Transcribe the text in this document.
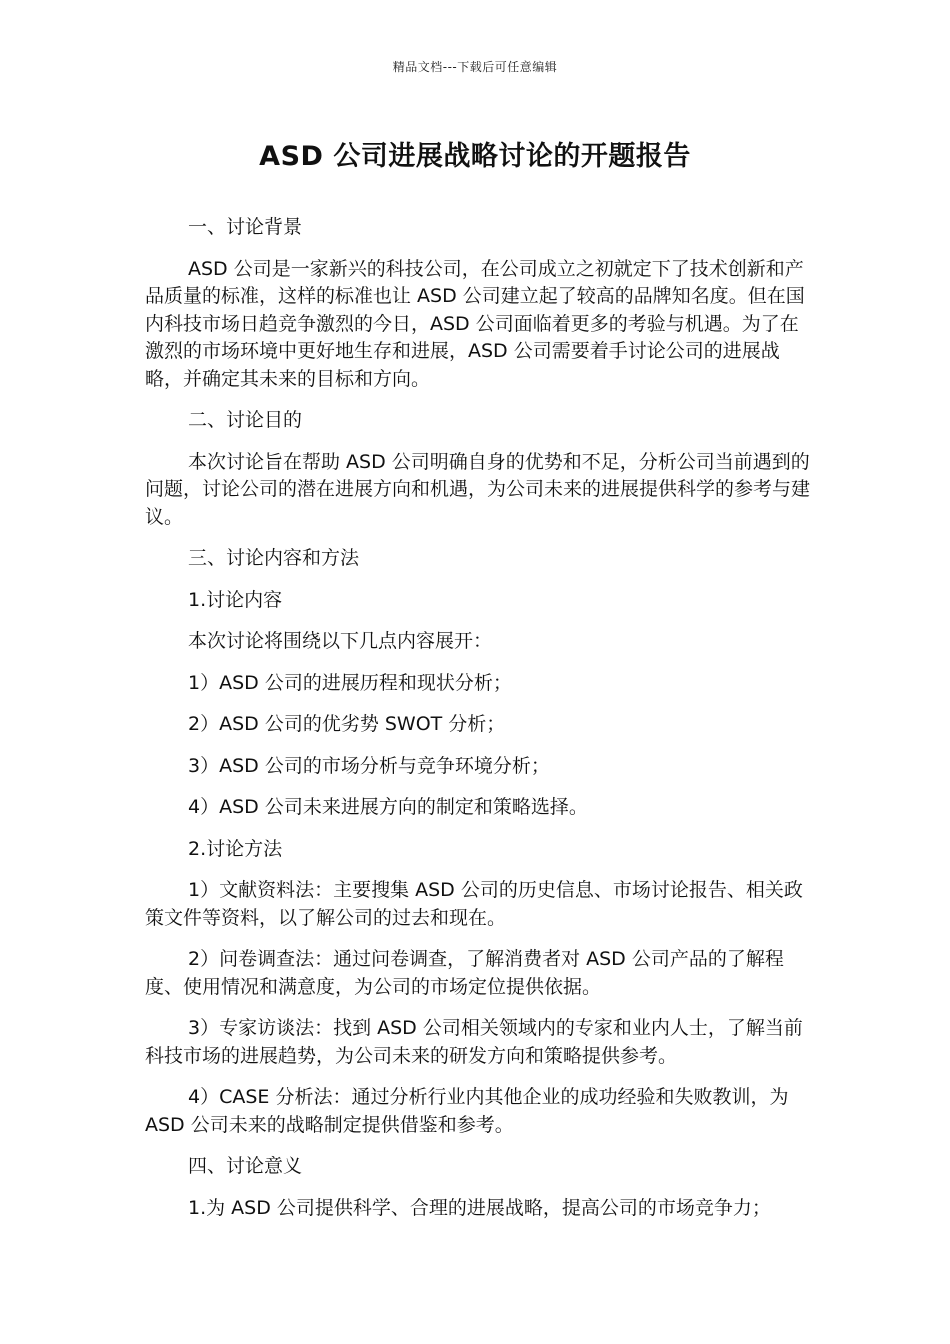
精品文档---下载后可任意编辑
ASD 公司进展战略讨论的开题报告

一、讨论背景

ASD 公司是一家新兴的科技公司，在公司成立之初就定下了技术创新和产品质量的标准，这样的标准也让 ASD 公司建立起了较高的品牌知名度。但在国内科技市场日趋竞争激烈的今日，ASD 公司面临着更多的考验与机遇。为了在激烈的市场环境中更好地生存和进展，ASD 公司需要着手讨论公司的进展战略，并确定其未来的目标和方向。

二、讨论目的

本次讨论旨在帮助 ASD 公司明确自身的优势和不足，分析公司当前遇到的问题，讨论公司的潜在进展方向和机遇，为公司未来的进展提供科学的参考与建议。

三、讨论内容和方法

1.讨论内容

本次讨论将围绕以下几点内容展开：

1）ASD 公司的进展历程和现状分析；

2）ASD 公司的优劣势 SWOT 分析；

3）ASD 公司的市场分析与竞争环境分析；

4）ASD 公司未来进展方向的制定和策略选择。

2.讨论方法

1）文献资料法：主要搜集 ASD 公司的历史信息、市场讨论报告、相关政策文件等资料，以了解公司的过去和现在。

2）问卷调查法：通过问卷调查，了解消费者对 ASD 公司产品的了解程度、使用情况和满意度，为公司的市场定位提供依据。

3）专家访谈法：找到 ASD 公司相关领域内的专家和业内人士，了解当前科技市场的进展趋势，为公司未来的研发方向和策略提供参考。

4）CASE 分析法：通过分析行业内其他企业的成功经验和失败教训，为 ASD 公司未来的战略制定提供借鉴和参考。

四、讨论意义

1.为 ASD 公司提供科学、合理的进展战略，提高公司的市场竞争力；
